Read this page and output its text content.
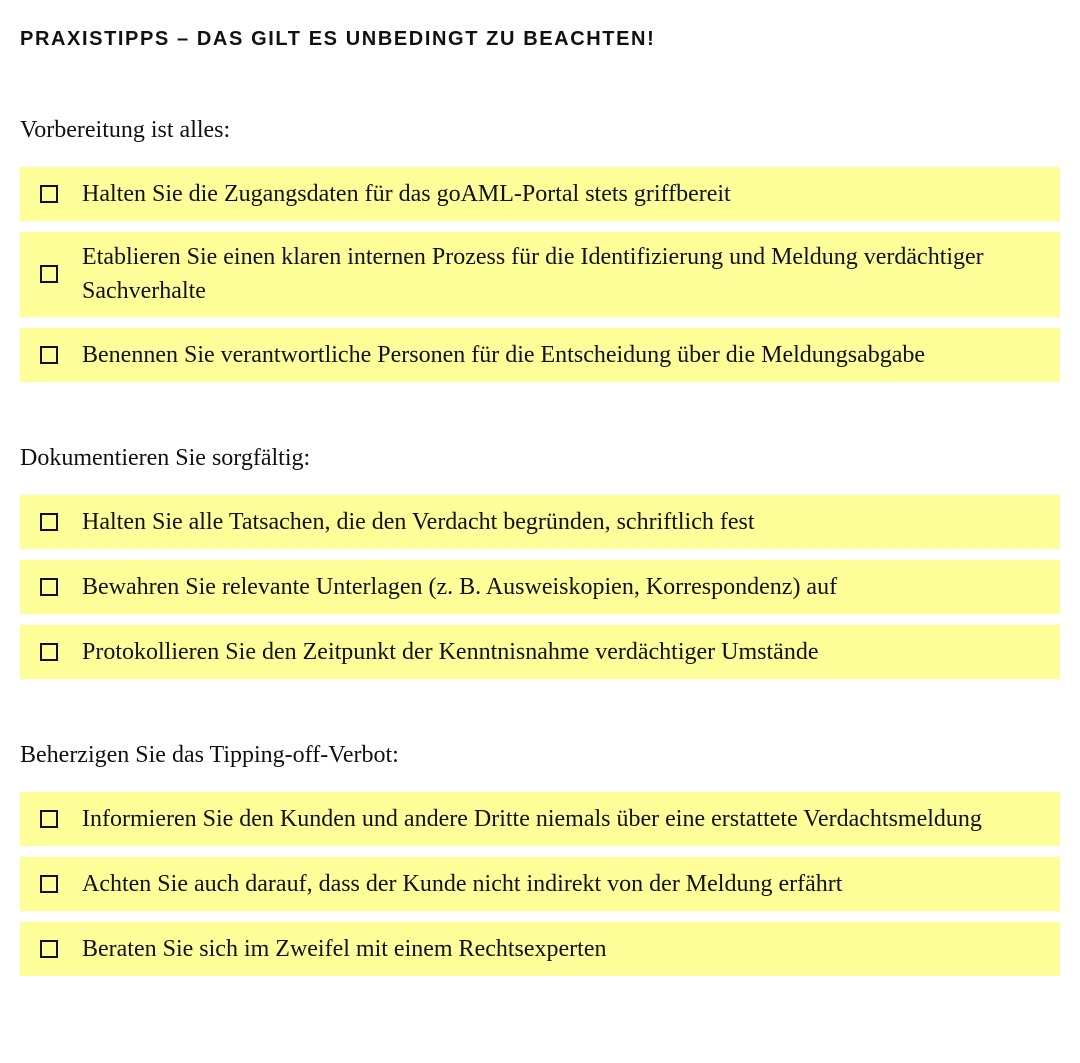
PRAXISTIPPS – DAS GILT ES UNBEDINGT ZU BEACHTEN!
Vorbereitung ist alles:
Halten Sie die Zugangsdaten für das goAML-Portal stets griffbereit
Etablieren Sie einen klaren internen Prozess für die Identifizierung und Meldung verdächtiger Sachverhalte
Benennen Sie verantwortliche Personen für die Entscheidung über die Meldungsabgabe
Dokumentieren Sie sorgfältig:
Halten Sie alle Tatsachen, die den Verdacht begründen, schriftlich fest
Bewahren Sie relevante Unterlagen (z. B. Ausweiskopien, Korrespondenz) auf
Protokollieren Sie den Zeitpunkt der Kenntnisnahme verdächtiger Umstände
Beherzigen Sie das Tipping-off-Verbot:
Informieren Sie den Kunden und andere Dritte niemals über eine erstattete Verdachtsmeldung
Achten Sie auch darauf, dass der Kunde nicht indirekt von der Meldung erfährt
Beraten Sie sich im Zweifel mit einem Rechtsexperten
